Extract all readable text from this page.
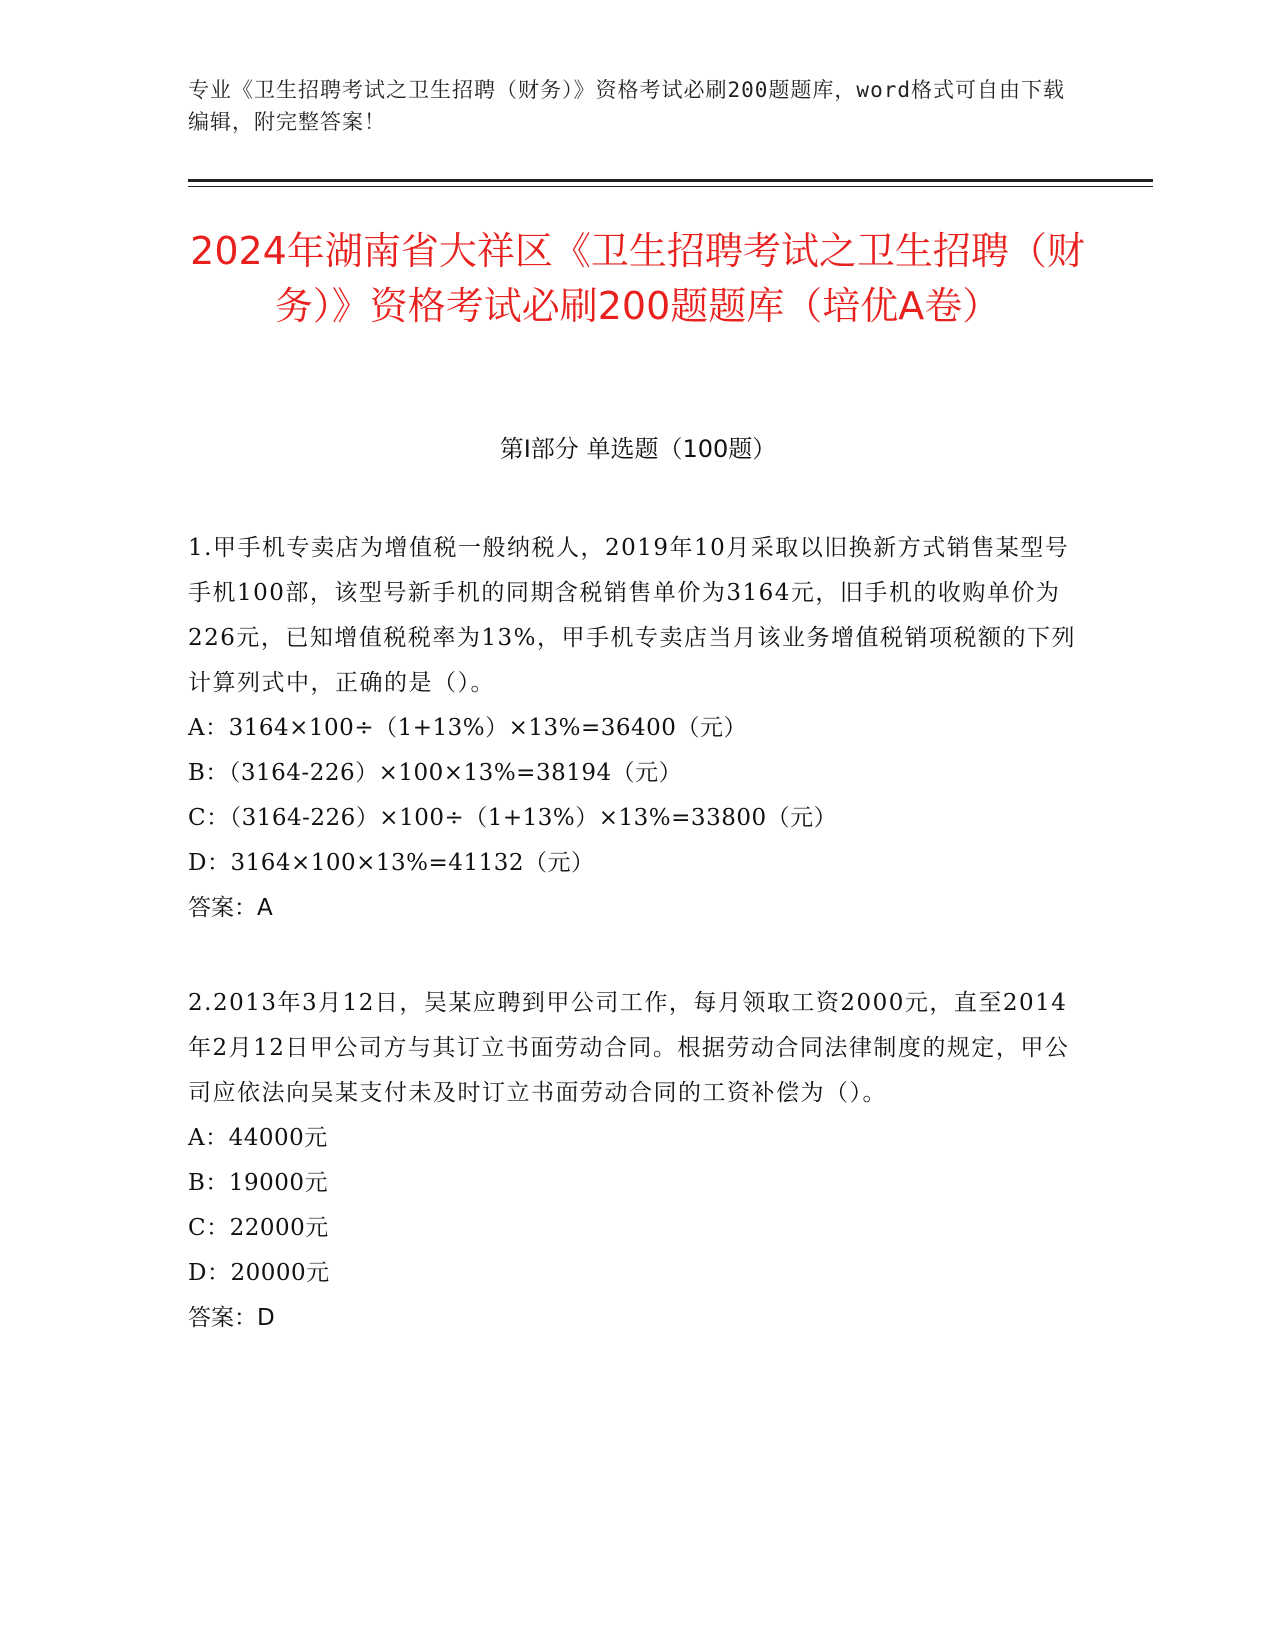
专业《卫生招聘考试之卫生招聘（财务）》资格考试必刷200题题库，word格式可自由下载编辑，附完整答案！

2024年湖南省大祥区《卫生招聘考试之卫生招聘（财务）》资格考试必刷200题题库（培优A卷）
第I部分 单选题（100题）

1.甲手机专卖店为增值税一般纳税人，2019年10月采取以旧换新方式销售某型号手机100部，该型号新手机的同期含税销售单价为3164元，旧手机的收购单价为226元，已知增值税税率为13%，甲手机专卖店当月该业务增值税销项税额的下列计算列式中，正确的是（）。

A：3164×100÷（1+13%）×13%=36400（元）

B：（3164-226）×100×13%=38194（元）

C：（3164-226）×100÷（1+13%）×13%=33800（元）

D：3164×100×13%=41132（元）

答案：A

2.2013年3月12日，吴某应聘到甲公司工作，每月领取工资2000元，直至2014年2月12日甲公司方与其订立书面劳动合同。根据劳动合同法律制度的规定，甲公司应依法向吴某支付未及时订立书面劳动合同的工资补偿为（）。

A：44000元

B：19000元

C：22000元

D：20000元

答案：D
